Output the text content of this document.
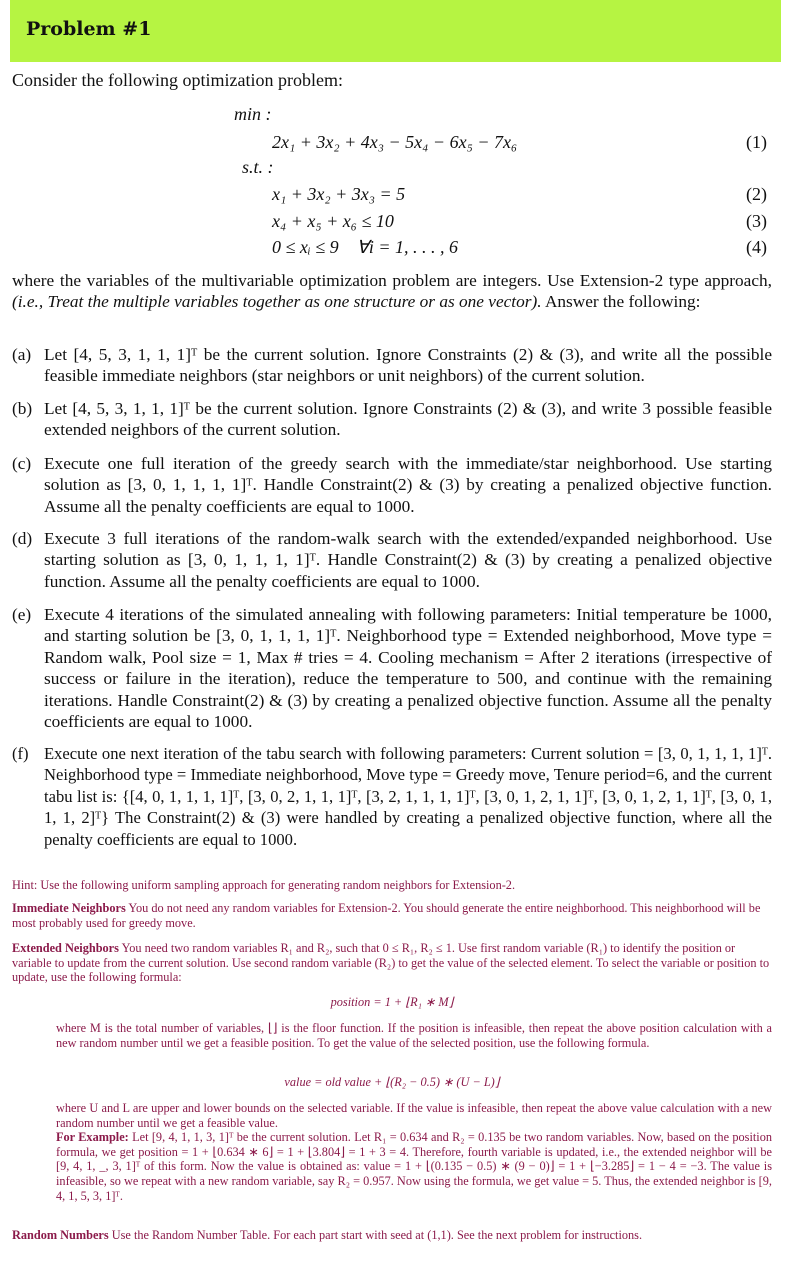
Problem #1
Consider the following optimization problem:
min :
2x₁ + 3x₂ + 4x₃ − 5x₄ − 6x₅ − 7x₆	(1)
s.t. :
x₁ + 3x₂ + 3x₃ = 5	(2)
x₄ + x₅ + x₆ ≤ 10	(3)
0 ≤ xᵢ ≤ 9    ∀i = 1, . . . , 6	(4)
where the variables of the multivariable optimization problem are integers. Use Extension-2 type approach, (i.e., Treat the multiple variables together as one structure or as one vector). Answer the following:
(a) Let [4, 5, 3, 1, 1, 1]ᵀ be the current solution. Ignore Constraints (2) & (3), and write all the possible feasible immediate neighbors (star neighbors or unit neighbors) of the current solution.
(b) Let [4, 5, 3, 1, 1, 1]ᵀ be the current solution. Ignore Constraints (2) & (3), and write 3 possible feasible extended neighbors of the current solution.
(c) Execute one full iteration of the greedy search with the immediate/star neighborhood. Use starting solution as [3, 0, 1, 1, 1, 1]ᵀ. Handle Constraint(2) & (3) by creating a penalized objective function. Assume all the penalty coefficients are equal to 1000.
(d) Execute 3 full iterations of the random-walk search with the extended/expanded neighborhood. Use starting solution as [3, 0, 1, 1, 1, 1]ᵀ. Handle Constraint(2) & (3) by creating a penalized objective function. Assume all the penalty coefficients are equal to 1000.
(e) Execute 4 iterations of the simulated annealing with following parameters: Initial temperature be 1000, and starting solution be [3, 0, 1, 1, 1, 1]ᵀ. Neighborhood type = Extended neighborhood, Move type = Random walk, Pool size = 1, Max # tries = 4. Cooling mechanism = After 2 iterations (irrespective of success or failure in the iteration), reduce the temperature to 500, and continue with the remaining iterations. Handle Constraint(2) & (3) by creating a penalized objective function. Assume all the penalty coefficients are equal to 1000.
(f) Execute one next iteration of the tabu search with following parameters: Current solution = [3, 0, 1, 1, 1, 1]ᵀ. Neighborhood type = Immediate neighborhood, Move type = Greedy move, Tenure period=6, and the current tabu list is: {[4, 0, 1, 1, 1, 1]ᵀ, [3, 0, 2, 1, 1, 1]ᵀ, [3, 2, 1, 1, 1, 1]ᵀ, [3, 0, 1, 2, 1, 1]ᵀ, [3, 0, 1, 2, 1, 1]ᵀ, [3, 0, 1, 1, 1, 2]ᵀ} The Constraint(2) & (3) were handled by creating a penalized objective function, where all the penalty coefficients are equal to 1000.
Hint: Use the following uniform sampling approach for generating random neighbors for Extension-2.
Immediate Neighbors You do not need any random variables for Extension-2. You should generate the entire neighborhood. This neighborhood will be most probably used for greedy move.
Extended Neighbors You need two random variables R₁ and R₂, such that 0 ≤ R₁, R₂ ≤ 1. Use first random variable (R₁) to identify the position or variable to update from the current solution. Use second random variable (R₂) to get the value of the selected element. To select the variable or position to update, use the following formula:
position = 1 + ⌊R₁ ∗ M⌋
where M is the total number of variables, ⌊⌋ is the floor function. If the position is infeasible, then repeat the above position calculation with a new random number until we get a feasible position. To get the value of the selected position, use the following formula.
value = old value + ⌊(R₂ − 0.5) ∗ (U − L)⌋
where U and L are upper and lower bounds on the selected variable. If the value is infeasible, then repeat the above value calculation with a new random number until we get a feasible value.
For Example: Let [9, 4, 1, 1, 3, 1]ᵀ be the current solution. Let R₁ = 0.634 and R₂ = 0.135 be two random variables. Now, based on the position formula, we get position = 1 + ⌊0.634 ∗ 6⌋ = 1 + ⌊3.804⌋ = 1 + 3 = 4. Therefore, fourth variable is updated, i.e., the extended neighbor will be [9, 4, 1, _, 3, 1]ᵀ of this form. Now the value is obtained as: value = 1 + ⌊(0.135 − 0.5) ∗ (9 − 0)⌋ = 1 + ⌊−3.285⌋ = 1 − 4 = −3. The value is infeasible, so we repeat with a new random variable, say R₂ = 0.957. Now using the formula, we get value = 5. Thus, the extended neighbor is [9, 4, 1, 5, 3, 1]ᵀ.
Random Numbers Use the Random Number Table. For each part start with seed at (1,1). See the next problem for instructions.
